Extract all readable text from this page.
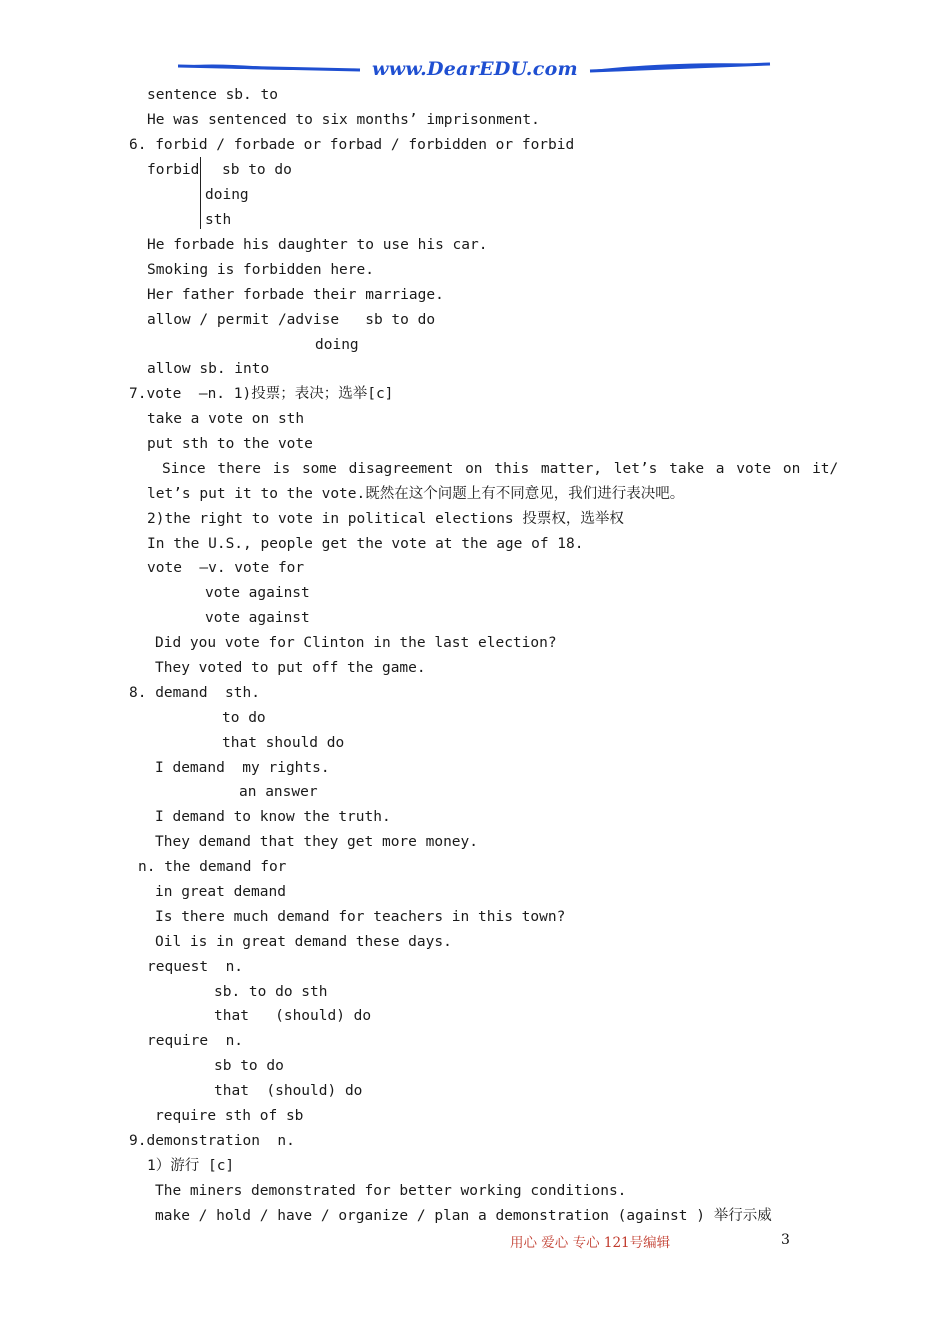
www.DearEDU.com
sentence sb. to
He was sentenced to six months’ imprisonment.
6. forbid / forbade or forbad / forbidden or forbid
forbid sb to do
doing
sth
He forbade his daughter to use his car.
Smoking is forbidden here.
Her father forbade their marriage.
allow / permit /advise   sb to do
doing
allow sb. into
7.vote  –n. 1)投票；表决；选举[c]
take a vote on sth
put sth to the vote
Since there is some disagreement on this matter, let’s take a vote on it/
let’s put it to the vote.既然在这个问题上有不同意见，我们进行表决吧。
2)the right to vote in political elections 投票权，选举权
In the U.S., people get the vote at the age of 18.
vote  –v. vote for
vote against
vote against
Did you vote for Clinton in the last election?
They voted to put off the game.
8. demand  sth.
to do
that should do
I demand  my rights.
an answer
I demand to know the truth.
They demand that they get more money.
n. the demand for
in great demand
Is there much demand for teachers in this town?
Oil is in great demand these days.
request  n.
sb. to do sth
that   (should) do
require  n.
sb to do
that  (should) do
require sth of sb
9.demonstration  n.
1）游行 [c]
The miners demonstrated for better working conditions.
make / hold / have / organize / plan a demonstration (against ) 举行示威
用心 爱心 专心 121号编辑	3
